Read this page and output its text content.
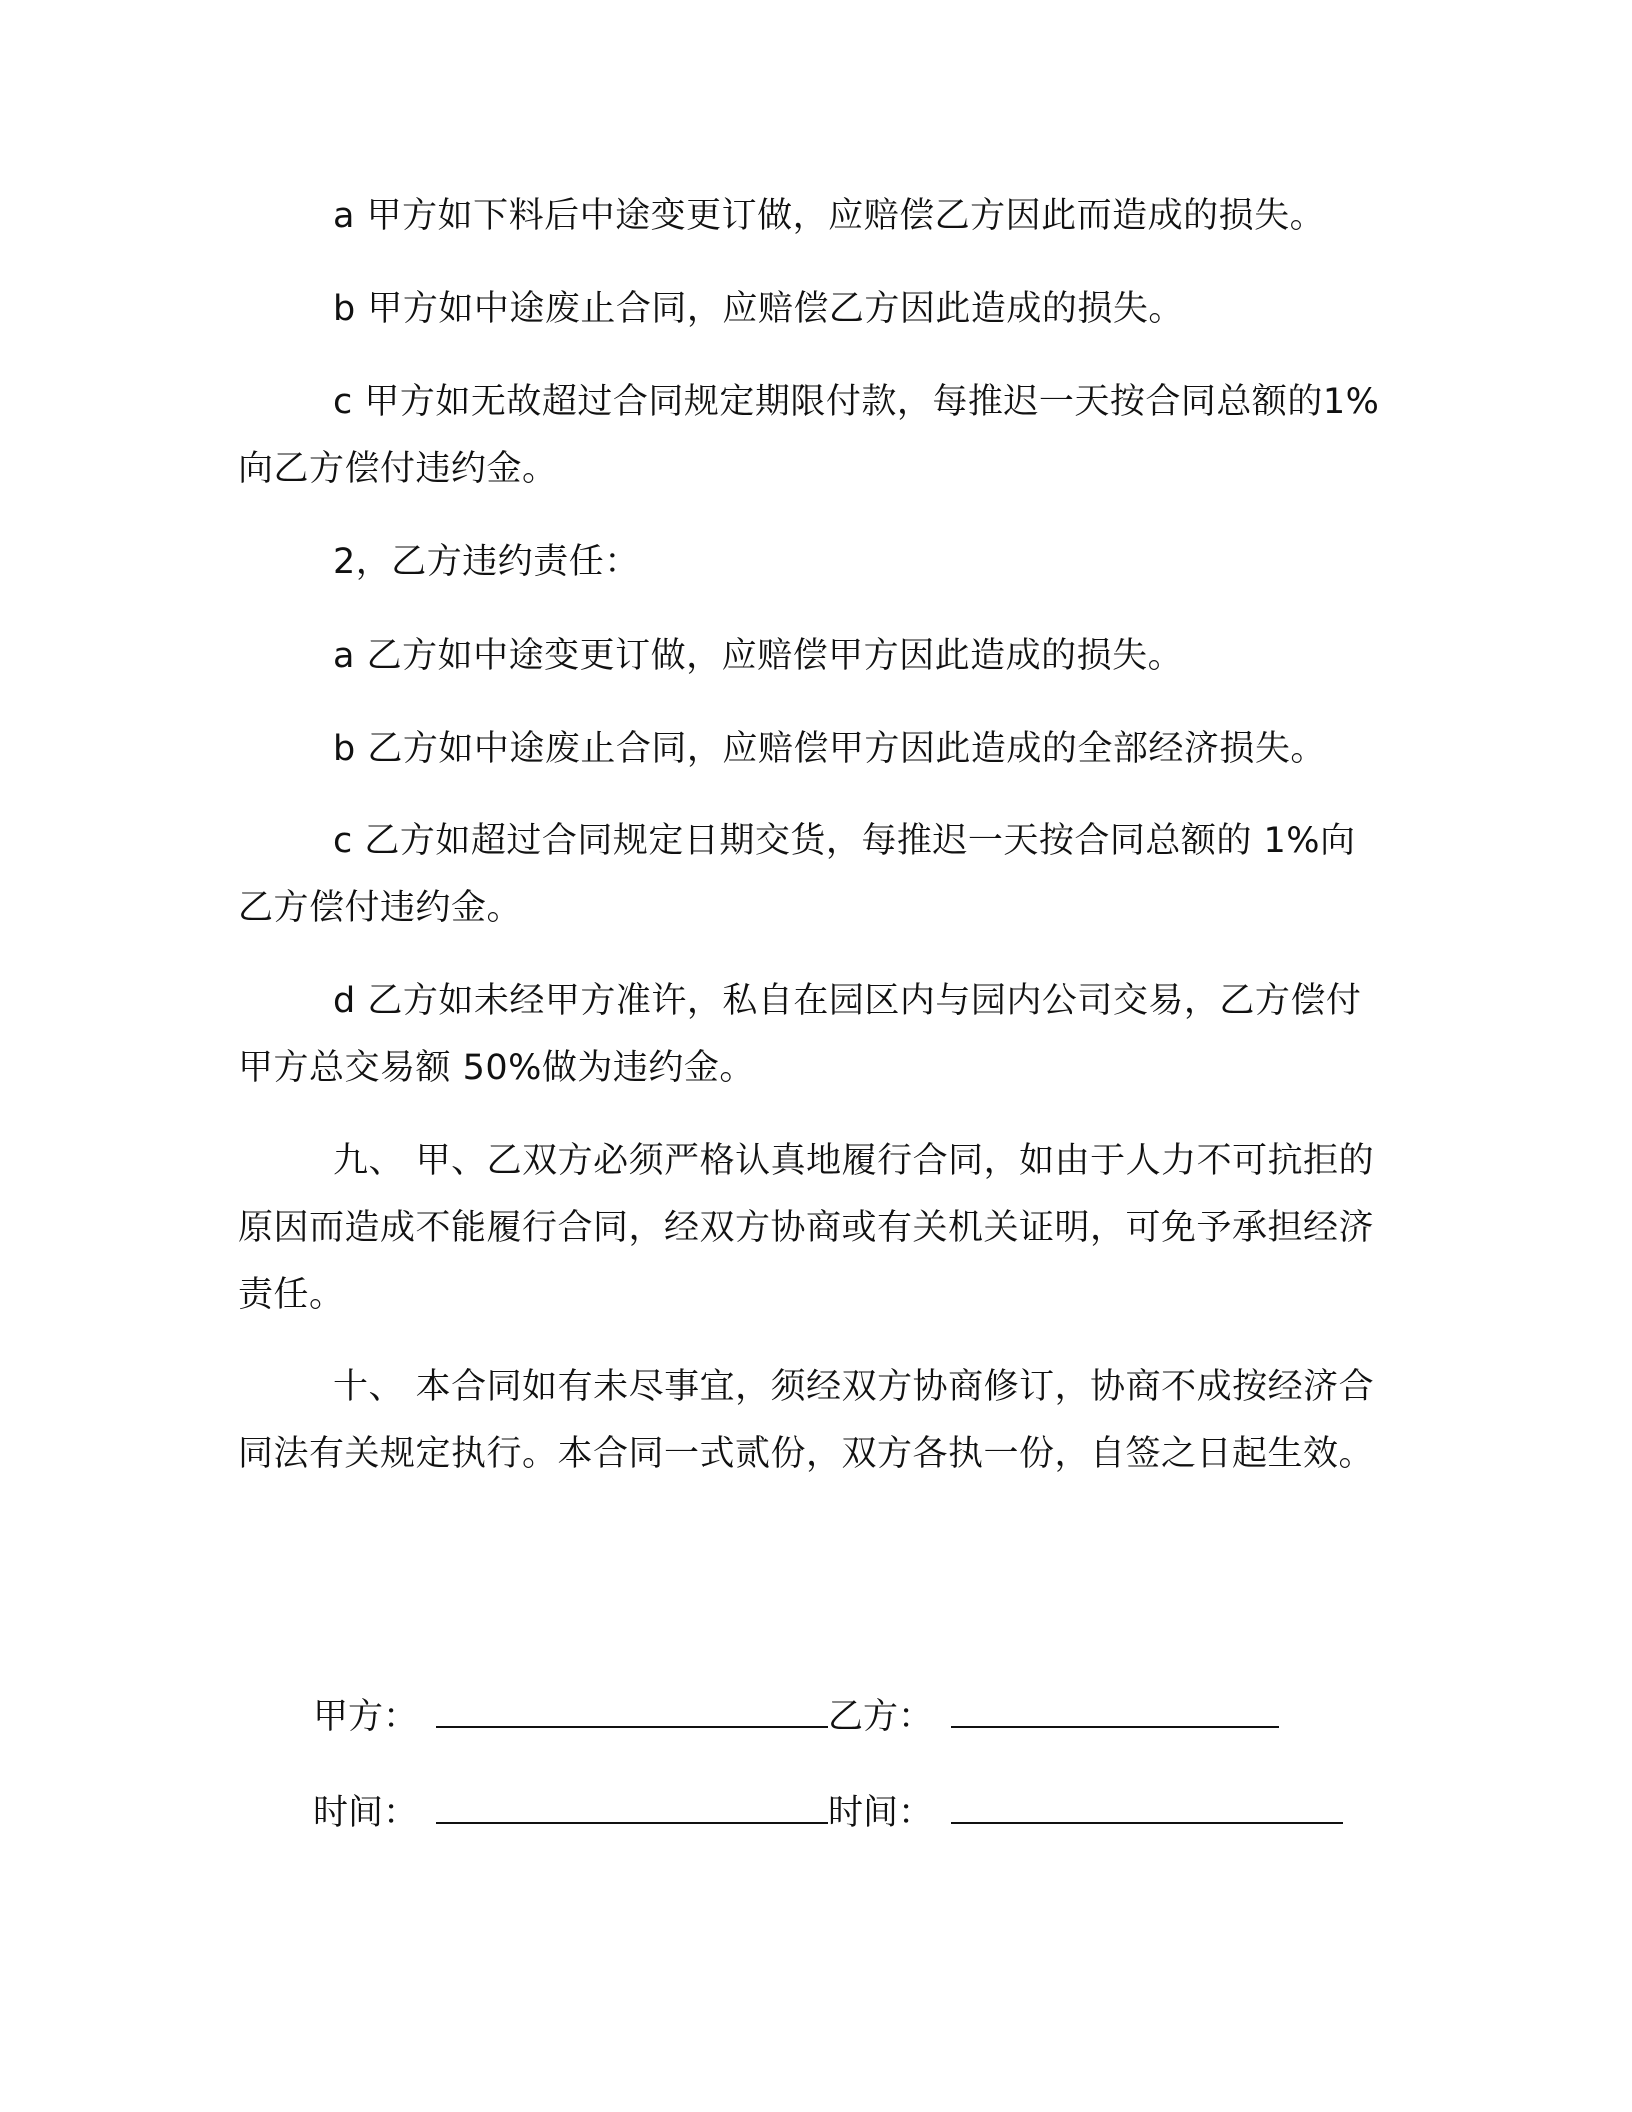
a 甲方如下料后中途变更订做，应赔偿乙方因此而造成的损失。

b 甲方如中途废止合同，应赔偿乙方因此造成的损失。

c 甲方如无故超过合同规定期限付款，每推迟一天按合同总额的1%向乙方偿付违约金。

2，乙方违约责任：

a 乙方如中途变更订做，应赔偿甲方因此造成的损失。

b 乙方如中途废止合同，应赔偿甲方因此造成的全部经济损失。

c 乙方如超过合同规定日期交货，每推迟一天按合同总额的 1%向乙方偿付违约金。

d 乙方如未经甲方准许，私自在园区内与园内公司交易，乙方偿付甲方总交易额 50%做为违约金。

九、 甲、乙双方必须严格认真地履行合同，如由于人力不可抗拒的原因而造成不能履行合同，经双方协商或有关机关证明，可免予承担经济责任。

十、 本合同如有未尽事宜，须经双方协商修订，协商不成按经济合同法有关规定执行。本合同一式贰份，双方各执一份，自签之日起生效。

甲方：	乙方：
时间：	时间：
